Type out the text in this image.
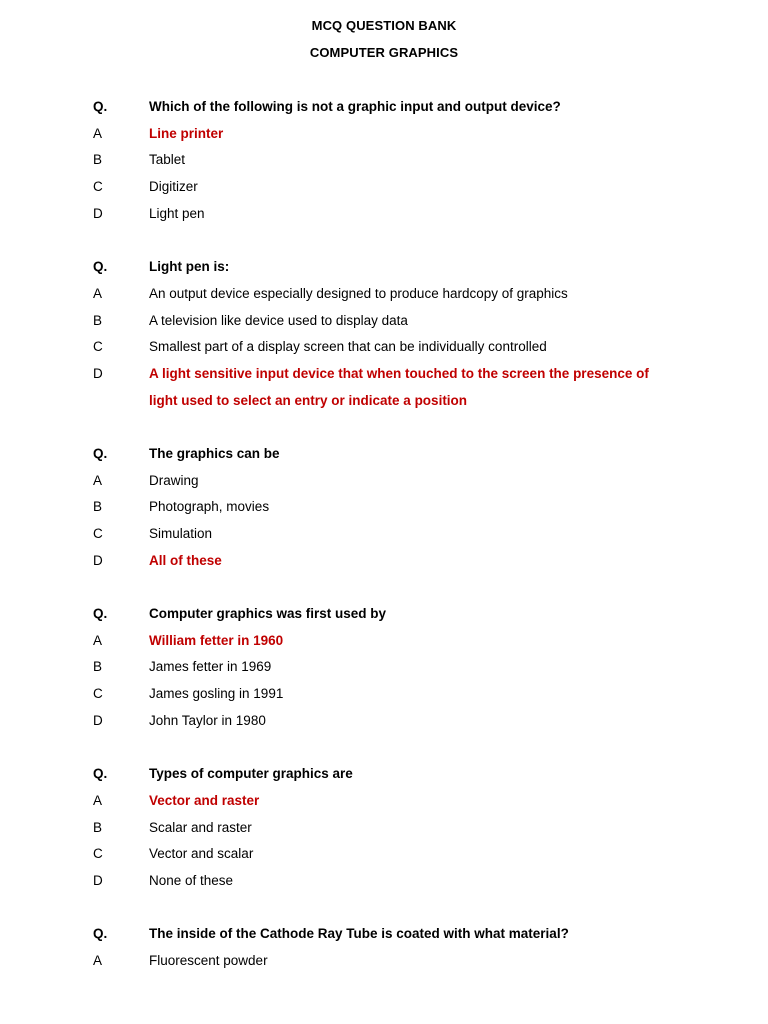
MCQ QUESTION BANK
COMPUTER GRAPHICS
Q.	Which of the following is not a graphic input and output device?
A	Line printer
B	Tablet
C	Digitizer
D	Light pen
Q.	Light pen is:
A	An output device especially designed to produce hardcopy of graphics
B	A television like device used to display data
C	Smallest part of a display screen that can be individually controlled
D	A light sensitive input device that when touched to the screen the presence of
light used to select an entry or indicate a position
Q.	The graphics can be
A	Drawing
B	Photograph, movies
C	Simulation
D	All of these
Q.	Computer graphics was first used by
A	William fetter in 1960
B	James fetter in 1969
C	James gosling in 1991
D	John Taylor in 1980
Q.	Types of computer graphics are
A	Vector and raster
B	Scalar and raster
C	Vector and scalar
D	None of these
Q.	The inside of the Cathode Ray Tube is coated with what material?
A	Fluorescent powder
